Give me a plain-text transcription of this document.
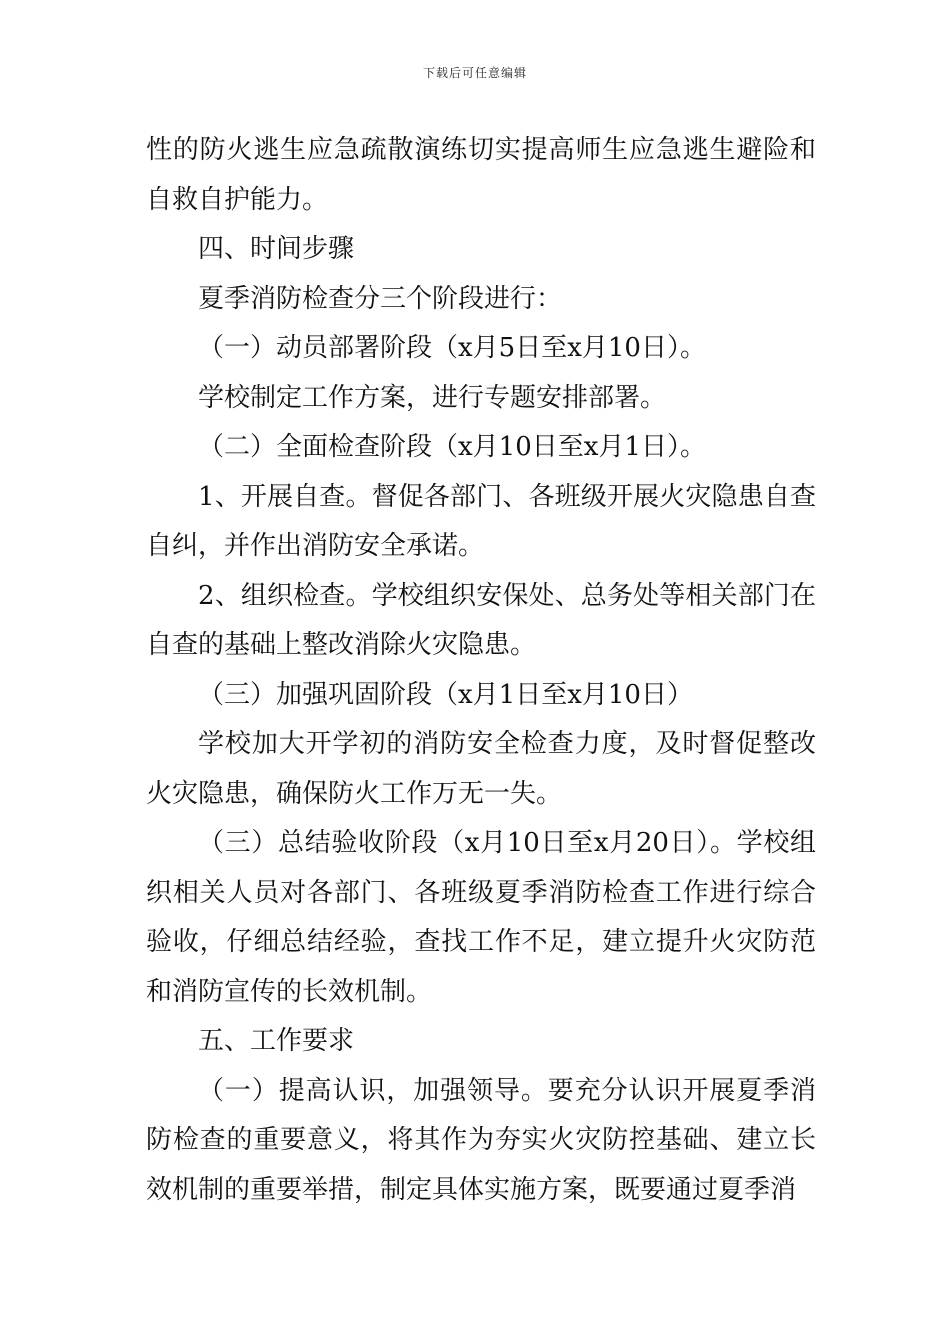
下载后可任意编辑

性的防火逃生应急疏散演练切实提高师生应急逃生避险和自救自护能力。

四、时间步骤

夏季消防检查分三个阶段进行：

（一）动员部署阶段（x月5日至x月10日）。

学校制定工作方案，进行专题安排部署。

（二）全面检查阶段（x月10日至x月1日）。

1、开展自查。督促各部门、各班级开展火灾隐患自查自纠，并作出消防安全承诺。

2、组织检查。学校组织安保处、总务处等相关部门在自查的基础上整改消除火灾隐患。

（三）加强巩固阶段（x月1日至x月10日）

学校加大开学初的消防安全检查力度，及时督促整改火灾隐患，确保防火工作万无一失。

（三）总结验收阶段（x月10日至x月20日）。学校组织相关人员对各部门、各班级夏季消防检查工作进行综合验收，仔细总结经验，查找工作不足，建立提升火灾防范和消防宣传的长效机制。

五、工作要求

（一）提高认识，加强领导。要充分认识开展夏季消防检查的重要意义，将其作为夯实火灾防控基础、建立长效机制的重要举措，制定具体实施方案，既要通过夏季消
